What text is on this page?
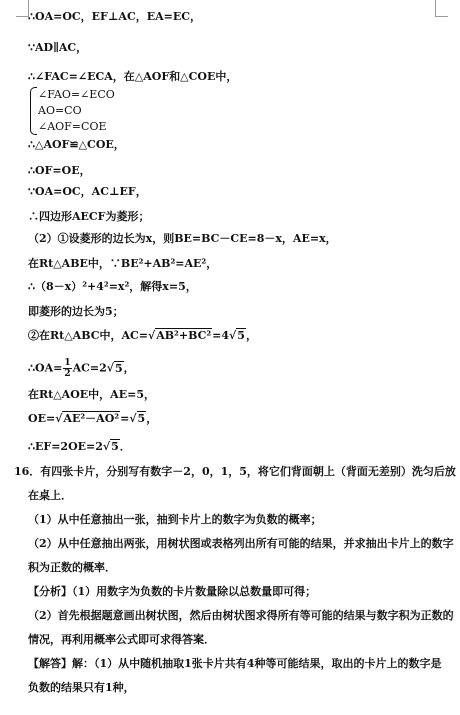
∴OA=OC，EF⊥AC，EA=EC，
∵AD∥AC，
∴∠FAC=∠ECA，在△AOF和△COE中，
∠FAO=∠ECO
AO=CO
∠AOF=COE
∴△AOF≌△COE，
∴OF=OE，
∵OA=OC，AC⊥EF，
∴四边形AECF为菱形；
（2）①设菱形的边长为x，则BE=BC－CE=8－x，AE=x，
在Rt△ABE中，∵BE²+AB²=AE²，
∴（8－x）²+4²=x²，解得x=5，
即菱形的边长为5；
②在Rt△ABC中，AC=√AB²+BC²=4√5，
∴OA= $\frac{1}{2} AC=2√5$，
在Rt△AOE中，AE=5，
OE=√AE²－AO²=√5，
∴EF=2OE=2√5．
16．有四张卡片，分别写有数字－2，0，1，5，将它们背面朝上（背面无差别）洗匀后放
在桌上．
（1）从中任意抽出一张，抽到卡片上的数字为负数的概率；
（2）从中任意抽出两张，用树状图或表格列出所有可能的结果，并求抽出卡片上的数字
积为正数的概率．
【分析】（1）用数字为负数的卡片数量除以总数量即可得；
（2）首先根据题意画出树状图，然后由树状图求得所有等可能的结果与数字积为正数的
情况，再利用概率公式即可求得答案．
【解答】解：（1）从中随机抽取1张卡片共有4种等可能结果，取出的卡片上的数字是
负数的结果只有1种，
